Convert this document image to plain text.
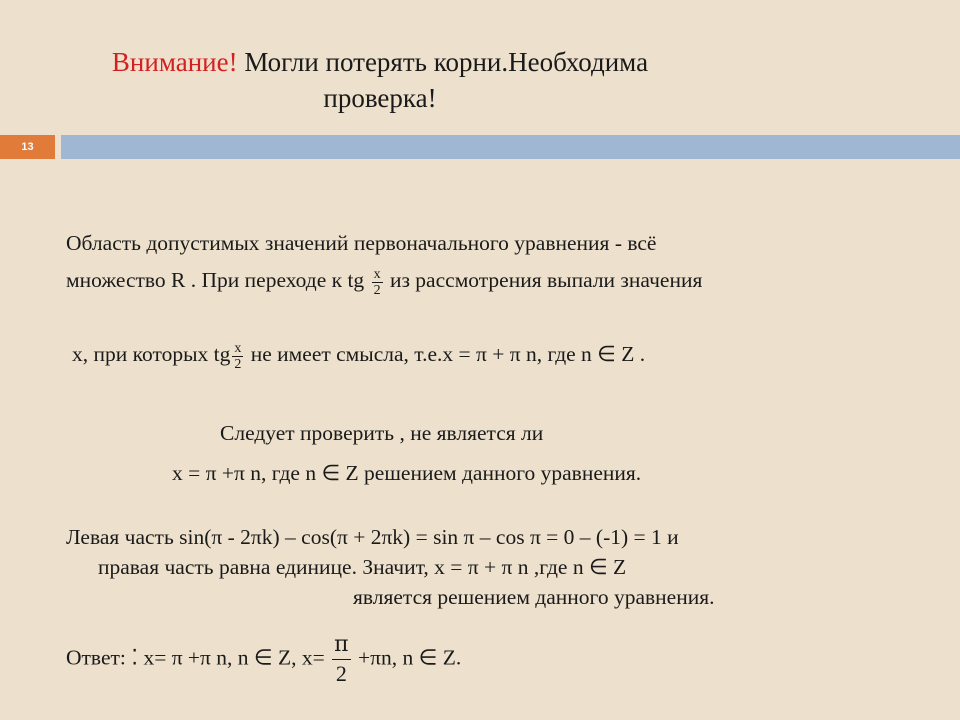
Внимание! Могли потерять корни.Необходима
проверка!
13
Область допустимых значений первоначального уравнения - всё
множество R . При переходе к tg $\frac{x}{2}$ из рассмотрения выпали значения
x, при которых tg $\frac{x}{2}$ не имеет смысла, т.е.x = π + π n, где n ∈ Z .
Следует проверить , не является ли
x = π +π n, где n ∈ Z решением данного уравнения.
Левая часть sin(π - 2πk) – cos(π + 2πk) = sin π – cos π = 0 – (-1) = 1 и
правая часть равна единице. Значит, x = π + π n ,где n ∈ Z
является решением данного уравнения.
Ответ: ⁚ x= π +π n, n ∈ Z, $x= \frac{\pi}{2} +\pi n$, n ∈ Z.
